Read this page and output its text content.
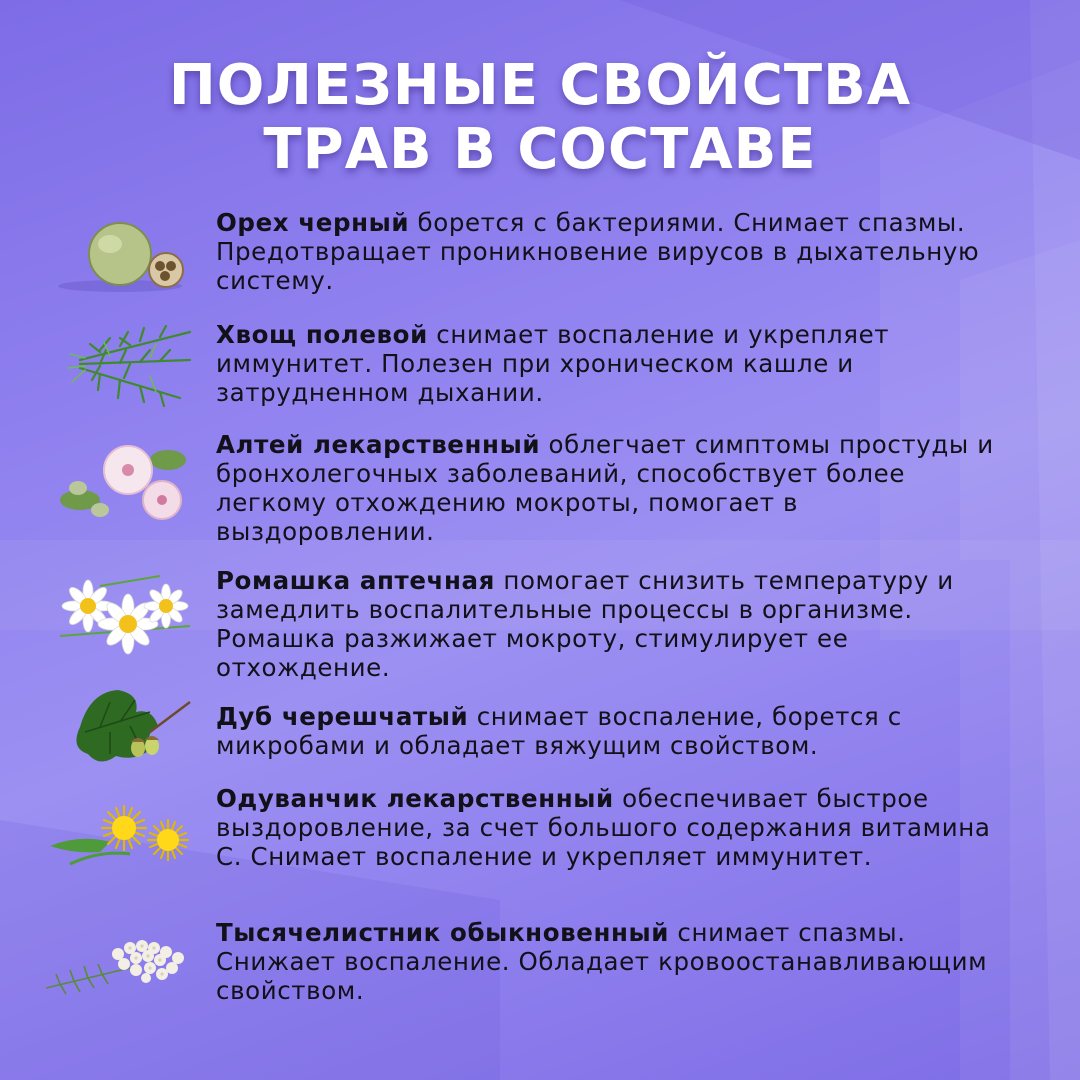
ПОЛЕЗНЫЕ СВОЙСТВА
ТРАВ В СОСТАВЕ
Орех черный борется с бактериями. Снимает спазмы. Предотвращает проникновение вирусов в дыхательную систему.
Хвощ полевой снимает воспаление и укрепляет иммунитет. Полезен при хроническом кашле и затрудненном дыхании.
Алтей лекарственный облегчает симптомы простуды и бронхолегочных заболеваний, способствует более легкому отхождению мокроты, помогает в выздоровлении.
Ромашка аптечная помогает снизить температуру и замедлить воспалительные процессы в организме. Ромашка разжижает мокроту, стимулирует ее отхождение.
Дуб черешчатый снимает воспаление, борется с микробами и обладает вяжущим свойством.
Одуванчик лекарственный обеспечивает быстрое выздоровление, за счет большого содержания витамина С. Снимает воспаление и укрепляет иммунитет.
Тысячелистник обыкновенный снимает спазмы. Снижает воспаление. Обладает кровоостанавливающим свойством.
